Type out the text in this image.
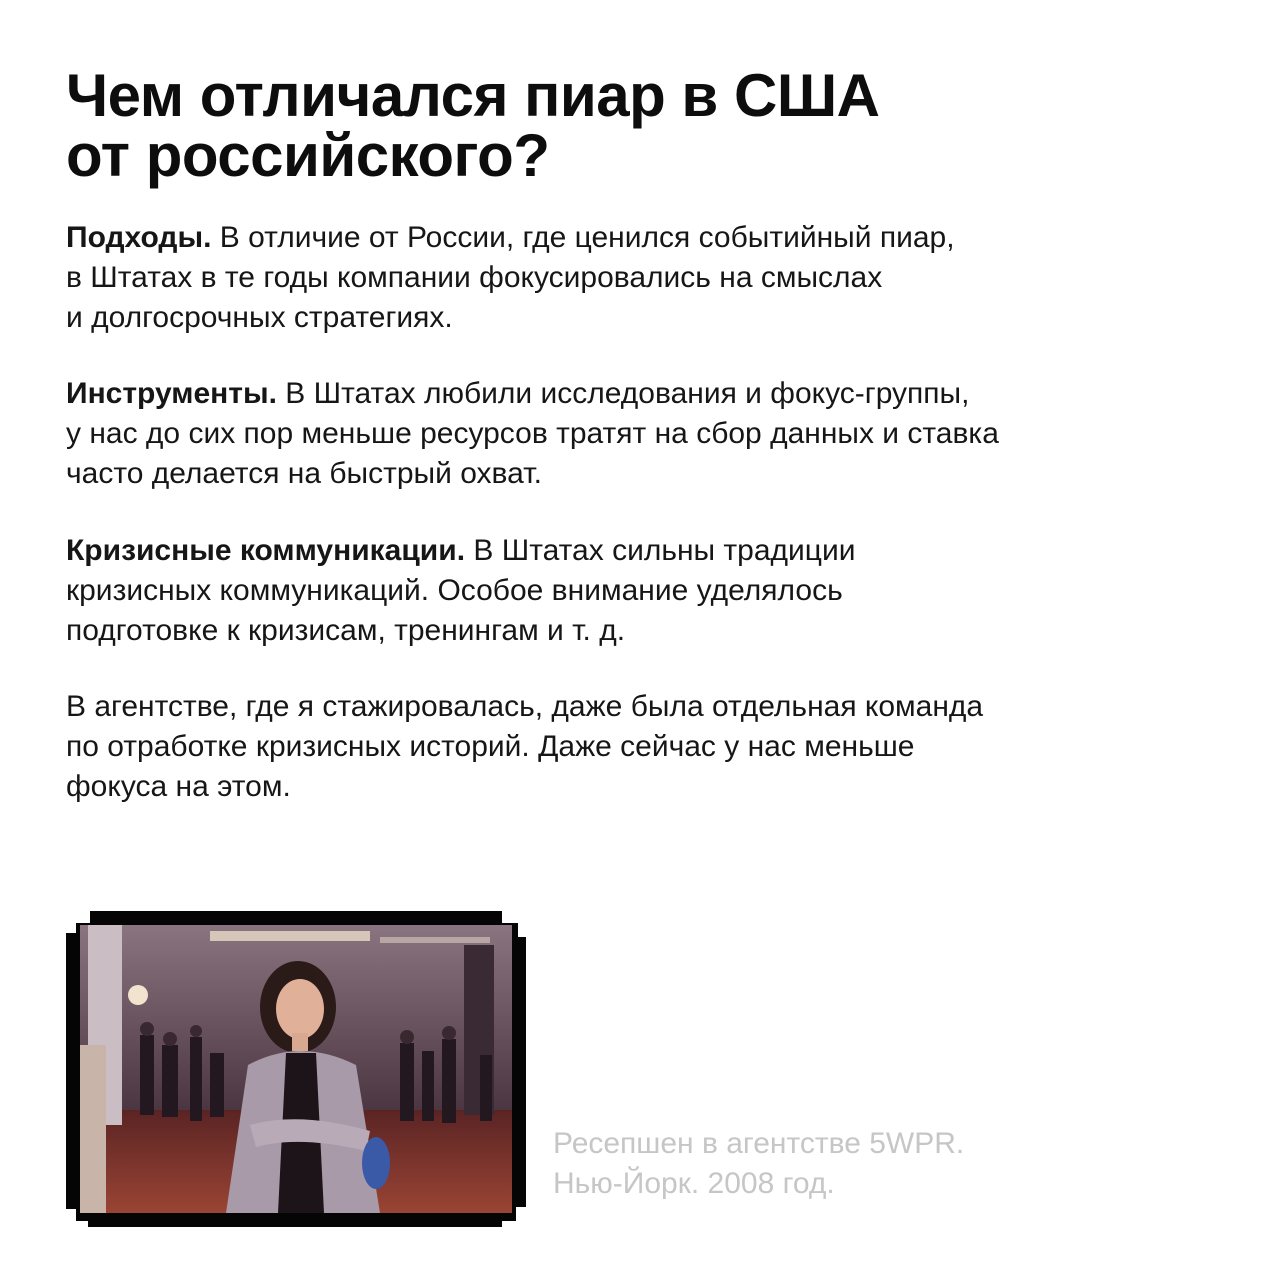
Чем отличался пиар в США
от российского?

Подходы. В отличие от России, где ценился событийный пиар,
в Штатах в те годы компании фокусировались на смыслах
и долгосрочных стратегиях.

Инструменты. В Штатах любили исследования и фокус-группы,
у нас до сих пор меньше ресурсов тратят на сбор данных и ставка
часто делается на быстрый охват.

Кризисные коммуникации. В Штатах сильны традиции
кризисных коммуникаций. Особое внимание уделялось
подготовке к кризисам, тренингам и т. д.

В агентстве, где я стажировалась, даже была отдельная команда
по отработке кризисных историй. Даже сейчас у нас меньше
фокуса на этом.

Ресепшен в агентстве 5WPR.
Нью-Йорк. 2008 год.
